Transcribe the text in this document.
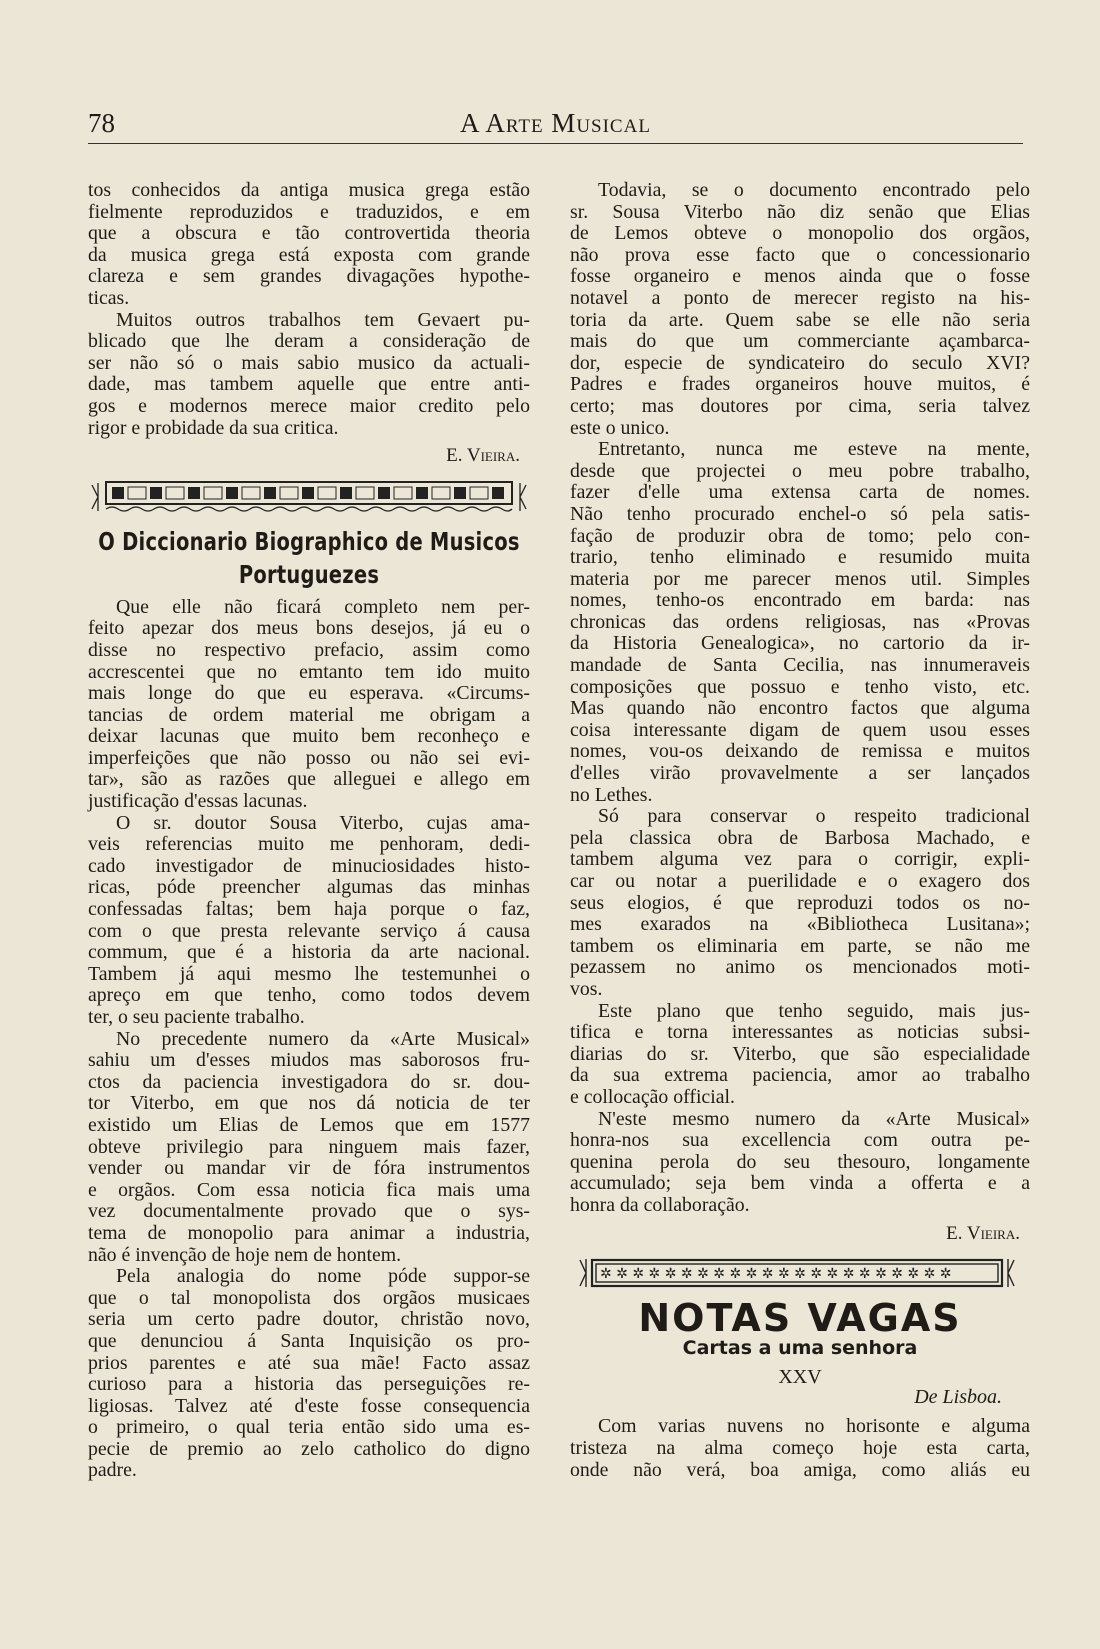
78	A Arte Musical
tos conhecidos da antiga musica grega estão
fielmente reproduzidos e traduzidos, e em
que a obscura e tão controvertida theoria
da musica grega está exposta com grande
clareza e sem grandes divagações hypothe-
ticas.
Muitos outros trabalhos tem Gevaert pu-
blicado que lhe deram a consideração de
ser não só o mais sabio musico da actuali-
dade, mas tambem aquelle que entre anti-
gos e modernos merece maior credito pelo
rigor e probidade da sua critica.
E. Vieira.
O Diccionario Biographico de Musicos Portuguezes
Que elle não ficará completo nem per-
feito apezar dos meus bons desejos, já eu o
disse no respectivo prefacio, assim como
accrescentei que no emtanto tem ido muito
mais longe do que eu esperava. «Circums-
tancias de ordem material me obrigam a
deixar lacunas que muito bem reconheço e
imperfeições que não posso ou não sei evi-
tar», são as razões que alleguei e allego em
justificação d'essas lacunas.
O sr. doutor Sousa Viterbo, cujas ama-
veis referencias muito me penhoram, dedi-
cado investigador de minuciosidades histo-
ricas, póde preencher algumas das minhas
confessadas faltas; bem haja porque o faz,
com o que presta relevante serviço á causa
commum, que é a historia da arte nacional.
Tambem já aqui mesmo lhe testemunhei o
apreço em que tenho, como todos devem
ter, o seu paciente trabalho.
No precedente numero da «Arte Musical»
sahiu um d'esses miudos mas saborosos fru-
ctos da paciencia investigadora do sr. dou-
tor Viterbo, em que nos dá noticia de ter
existido um Elias de Lemos que em 1577
obteve privilegio para ninguem mais fazer,
vender ou mandar vir de fóra instrumentos
e orgãos. Com essa noticia fica mais uma
vez documentalmente provado que o sys-
tema de monopolio para animar a industria,
não é invenção de hoje nem de hontem.
Pela analogia do nome póde suppor-se
que o tal monopolista dos orgãos musicaes
seria um certo padre doutor, christão novo,
que denunciou á Santa Inquisição os pro-
prios parentes e até sua mãe! Facto assaz
curioso para a historia das perseguições re-
ligiosas. Talvez até d'este fosse consequencia
o primeiro, o qual teria então sido uma es-
pecie de premio ao zelo catholico do digno
padre.
Todavia, se o documento encontrado pelo
sr. Sousa Viterbo não diz senão que Elias
de Lemos obteve o monopolio dos orgãos,
não prova esse facto que o concessionario
fosse organeiro e menos ainda que o fosse
notavel a ponto de merecer registo na his-
toria da arte. Quem sabe se elle não seria
mais do que um commerciante açambarca-
dor, especie de syndicateiro do seculo XVI?
Padres e frades organeiros houve muitos, é
certo; mas doutores por cima, seria talvez
este o unico.
Entretanto, nunca me esteve na mente,
desde que projectei o meu pobre trabalho,
fazer d'elle uma extensa carta de nomes.
Não tenho procurado enchel-o só pela satis-
fação de produzir obra de tomo; pelo con-
trario, tenho eliminado e resumido muita
materia por me parecer menos util. Simples
nomes, tenho-os encontrado em barda: nas
chronicas das ordens religiosas, nas «Provas
da Historia Genealogica», no cartorio da ir-
mandade de Santa Cecilia, nas innumeraveis
composições que possuo e tenho visto, etc.
Mas quando não encontro factos que alguma
coisa interessante digam de quem usou esses
nomes, vou-os deixando de remissa e muitos
d'elles virão provavelmente a ser lançados
no Lethes.
Só para conservar o respeito tradicional
pela classica obra de Barbosa Machado, e
tambem alguma vez para o corrigir, expli-
car ou notar a puerilidade e o exagero dos
seus elogios, é que reproduzi todos os no-
mes exarados na «Bibliotheca Lusitana»;
tambem os eliminaria em parte, se não me
pezassem no animo os mencionados moti-
vos.
Este plano que tenho seguido, mais jus-
tifica e torna interessantes as noticias subsi-
diarias do sr. Viterbo, que são especialidade
da sua extrema paciencia, amor ao trabalho
e collocação official.
N'este mesmo numero da «Arte Musical»
honra-nos sua excellencia com outra pe-
quenina perola do seu thesouro, longamente
accumulado; seja bem vinda a offerta e a
honra da collaboração.
E. Vieira.
✲ ✲ ✲ ✲ ✲ ✲ ✲ ✲ ✲ ✲ ✲ ✲ ✲ ✲ ✲ ✲ ✲ ✲ ✲ ✲ ✲ ✲
NOTAS VAGAS
Cartas a uma senhora
XXV
De Lisboa.
Com varias nuvens no horisonte e alguma
tristeza na alma começo hoje esta carta,
onde não verá, boa amiga, como aliás eu
